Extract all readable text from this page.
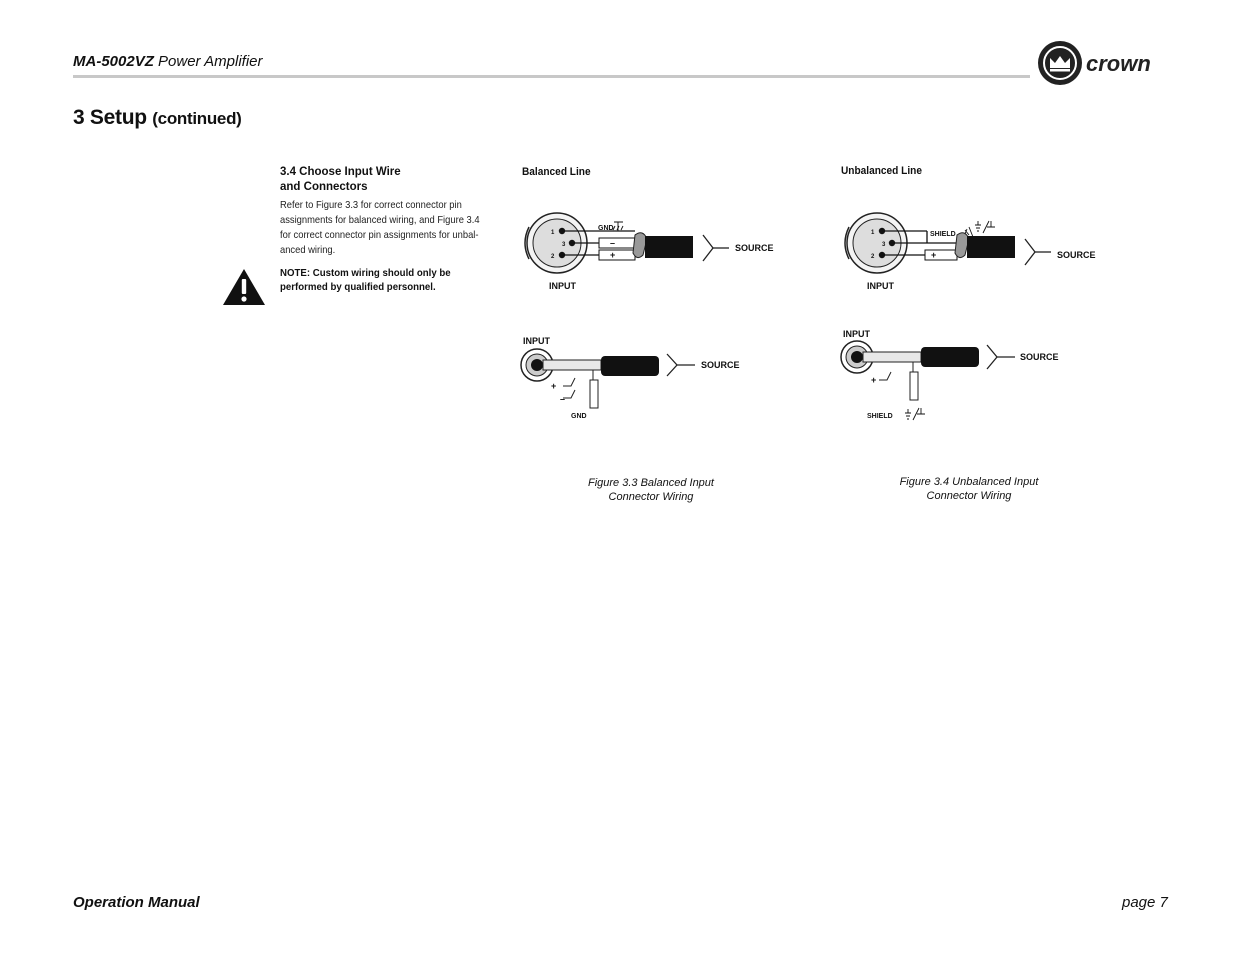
MA-5002VZ Power Amplifier	crown
3 Setup (continued)
3.4 Choose Input Wire
and Connectors
Refer to Figure 3.3 for correct connector pin assignments for balanced wiring, and Figure 3.4 for correct connector pin assignments for unbal-anced wiring.
NOTE: Custom wiring should only be performed by qualified personnel.
Balanced Line	Unbalanced Line
1
2
3	–
+
GND
SOURCE
INPUT
INPUT
+
–
GND
SOURCE
1
2
3
+
SHIELD
SOURCE
INPUT
INPUT
+
SHIELD
SOURCE
Figure 3.3 Balanced Input
Connector Wiring
Figure 3.4 Unbalanced Input
Connector Wiring
Operation Manual	page 7
